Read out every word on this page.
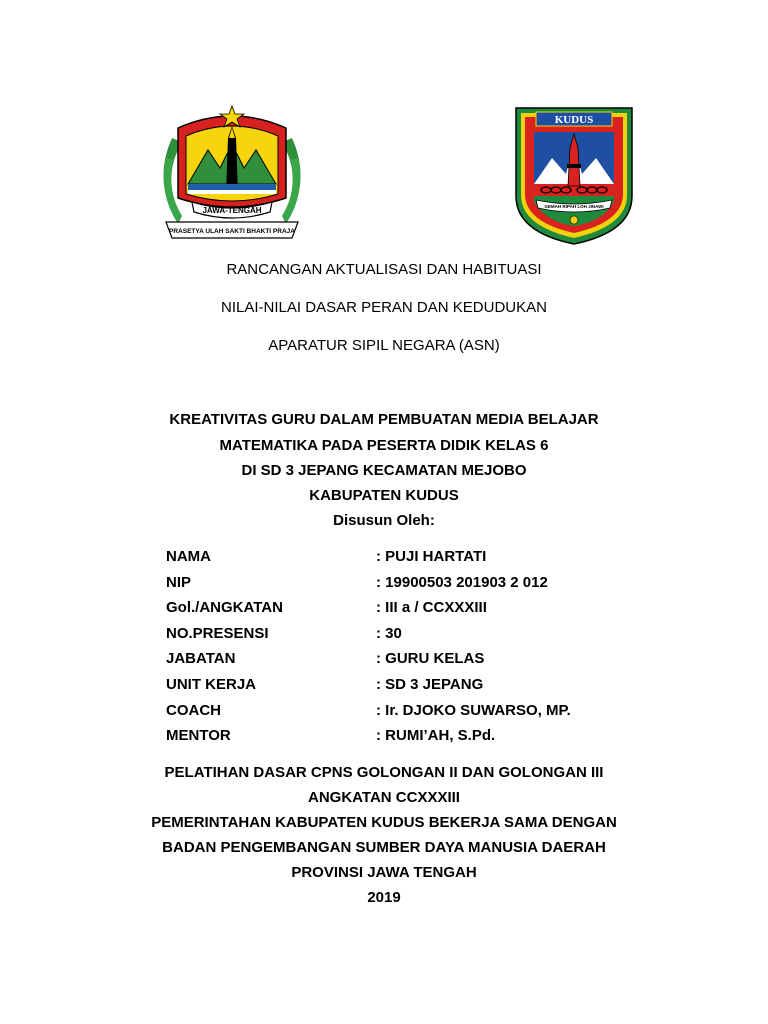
JAWA-TENGAH
PRASETYA ULAH SAKTI BHAKTI PRAJA
KUDUS
GEMAH RIPAH LOH JINAWI
RANCANGAN AKTUALISASI DAN HABITUASI
NILAI-NILAI DASAR PERAN DAN KEDUDUKAN
APARATUR SIPIL NEGARA (ASN)
KREATIVITAS GURU DALAM PEMBUATAN MEDIA BELAJAR
MATEMATIKA PADA PESERTA DIDIK KELAS 6
DI SD 3 JEPANG KECAMATAN MEJOBO
KABUPATEN KUDUS
Disusun Oleh:
NAMA	: PUJI HARTATI
NIP	: 19900503 201903 2 012
Gol./ANGKATAN	: III a / CCXXXIII
NO.PRESENSI	: 30
JABATAN	: GURU KELAS
UNIT KERJA	: SD 3 JEPANG
COACH	: Ir. DJOKO SUWARSO, MP.
MENTOR	: RUMI’AH, S.Pd.
PELATIHAN DASAR CPNS GOLONGAN II DAN GOLONGAN III
ANGKATAN CCXXXIII
PEMERINTAHAN KABUPATEN KUDUS BEKERJA SAMA DENGAN
BADAN PENGEMBANGAN SUMBER DAYA MANUSIA DAERAH
PROVINSI JAWA TENGAH
2019
